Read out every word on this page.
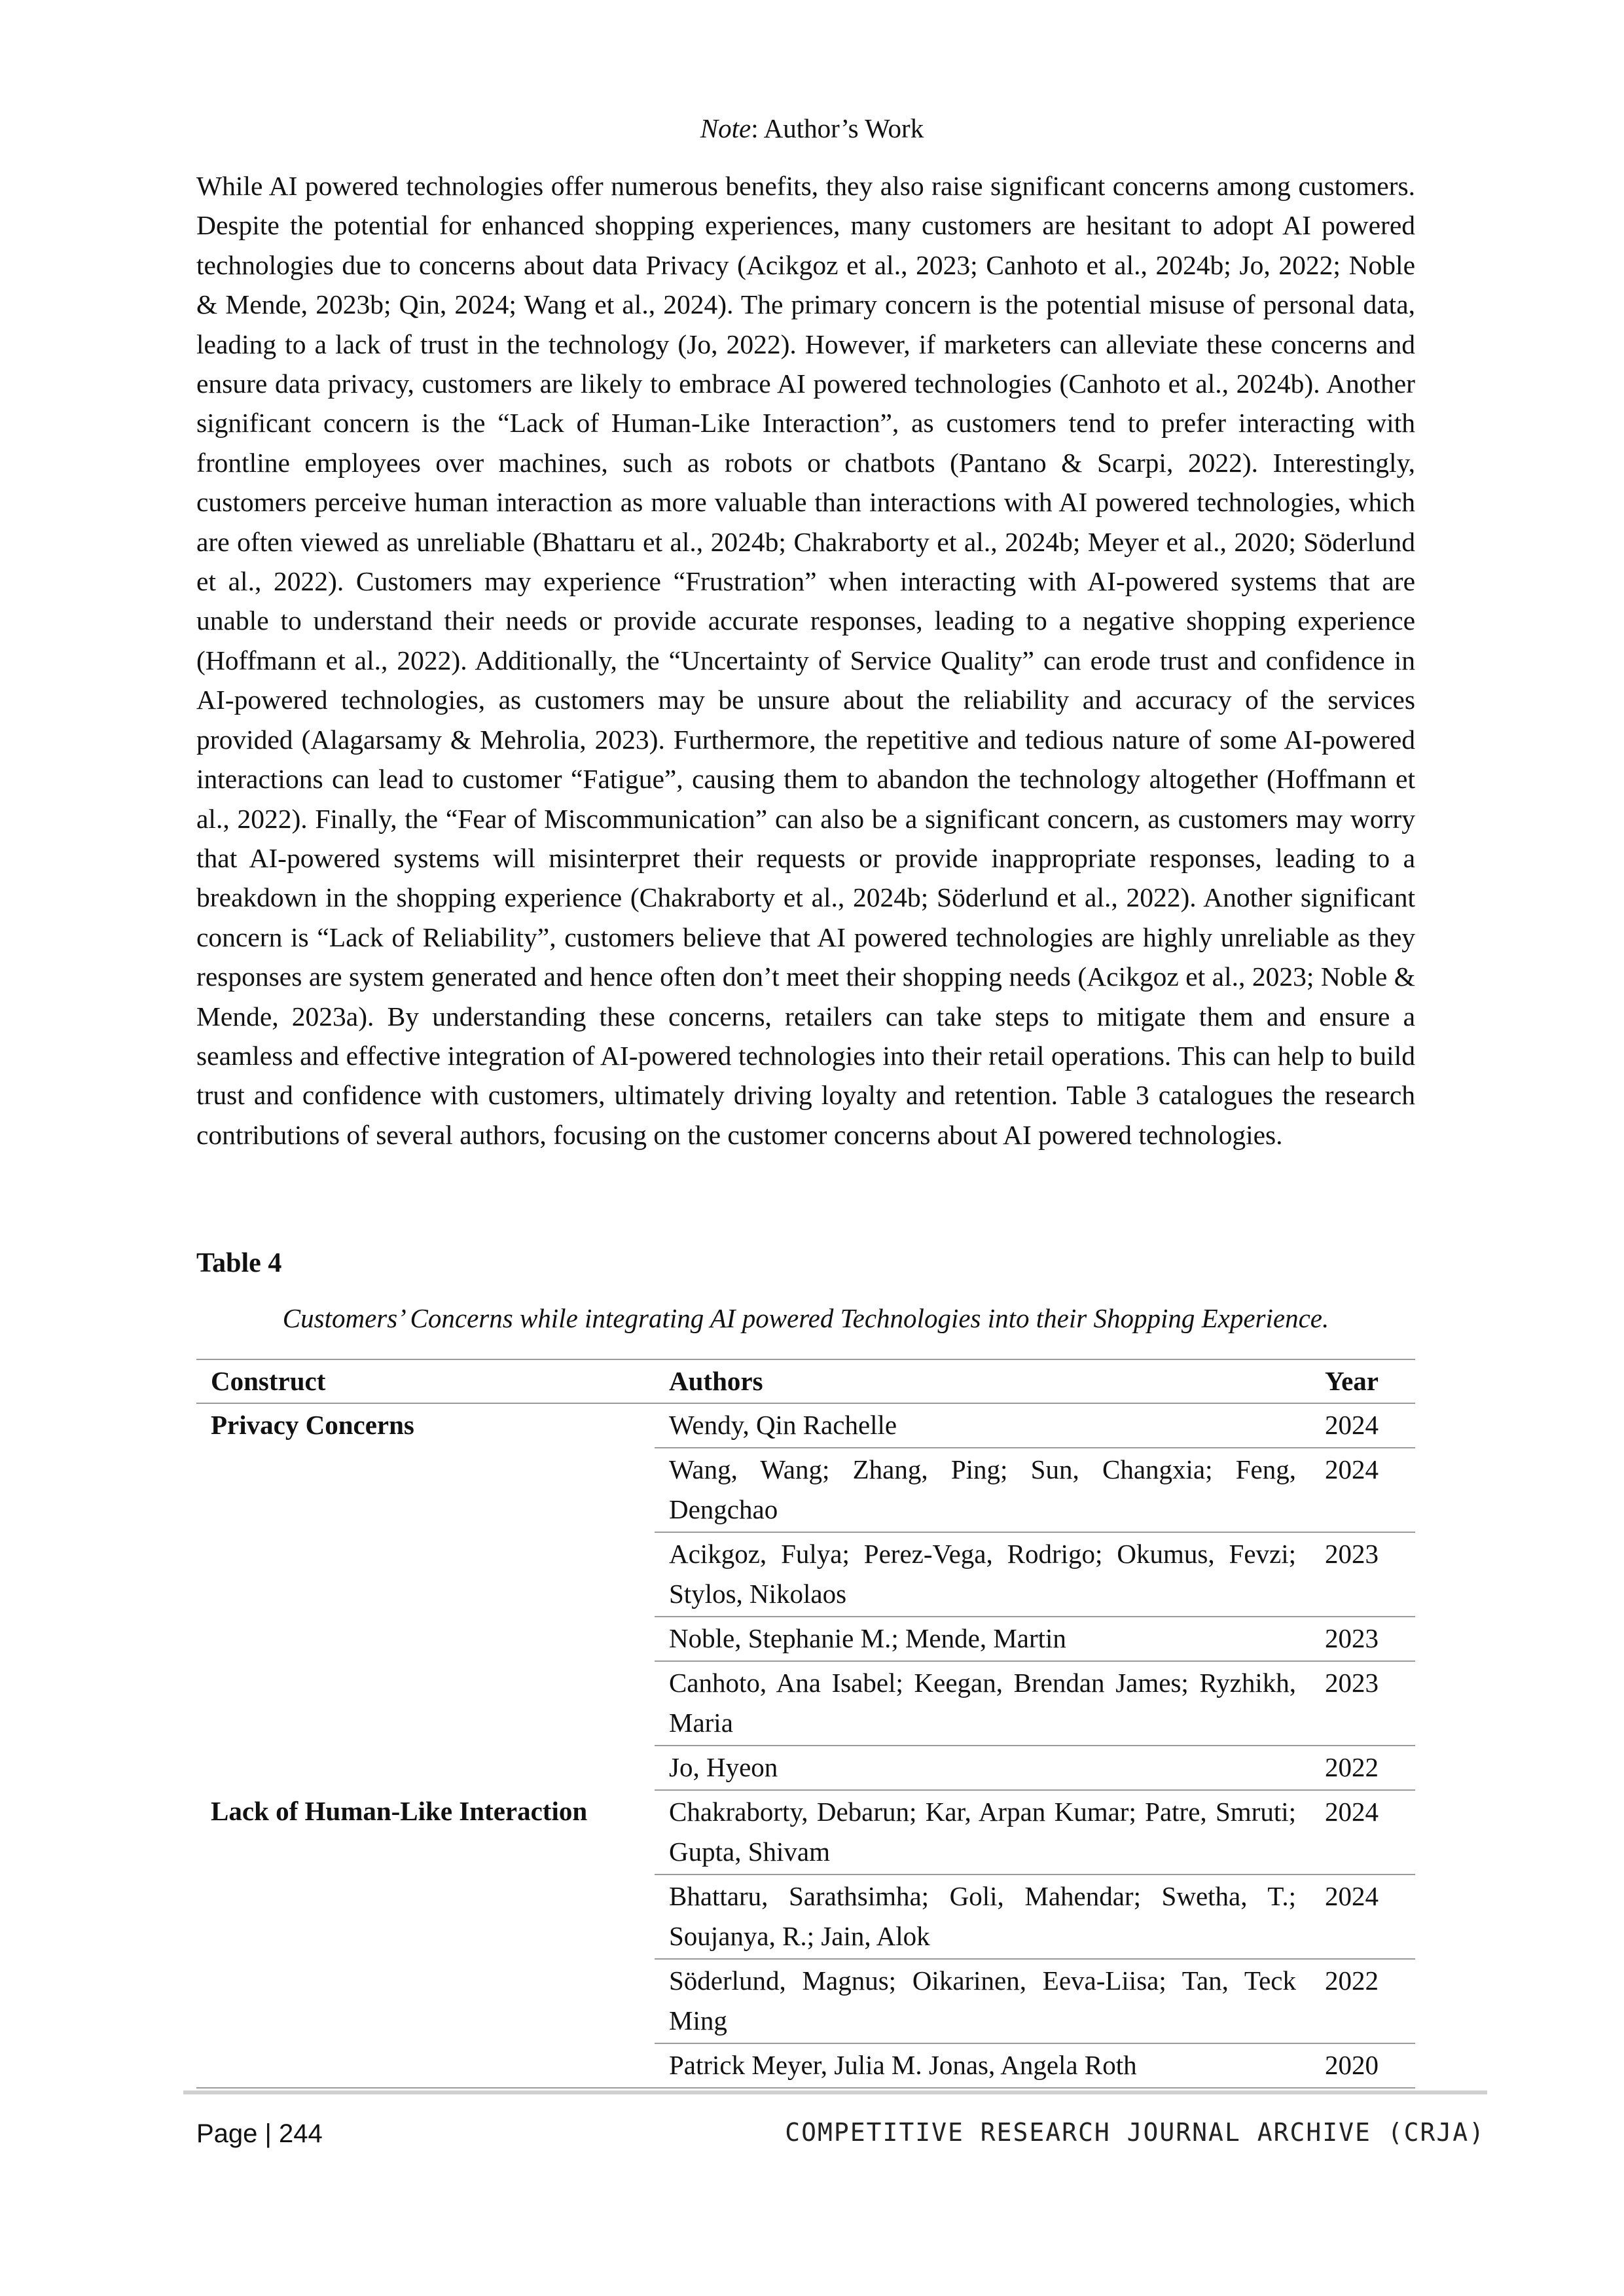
Note: Author’s Work

While AI powered technologies offer numerous benefits, they also raise significant concerns among customers. Despite the potential for enhanced shopping experiences, many customers are hesitant to adopt AI powered technologies due to concerns about data Privacy (Acikgoz et al., 2023; Canhoto et al., 2024b; Jo, 2022; Noble & Mende, 2023b; Qin, 2024; Wang et al., 2024). The primary concern is the potential misuse of personal data, leading to a lack of trust in the technology (Jo, 2022). However, if marketers can alleviate these concerns and ensure data privacy, customers are likely to embrace AI powered technologies (Canhoto et al., 2024b). Another significant concern is the “Lack of Human-Like Interaction”, as customers tend to prefer interacting with frontline employees over machines, such as robots or chatbots (Pantano & Scarpi, 2022). Interestingly, customers perceive human interaction as more valuable than interactions with AI powered technologies, which are often viewed as unreliable (Bhattaru et al., 2024b; Chakraborty et al., 2024b; Meyer et al., 2020; Söderlund et al., 2022). Customers may experience “Frustration” when interacting with AI-powered systems that are unable to understand their needs or provide accurate responses, leading to a negative shopping experience (Hoffmann et al., 2022). Additionally, the “Uncertainty of Service Quality” can erode trust and confidence in AI-powered technologies, as customers may be unsure about the reliability and accuracy of the services provided (Alagarsamy & Mehrolia, 2023). Furthermore, the repetitive and tedious nature of some AI-powered interactions can lead to customer “Fatigue”, causing them to abandon the technology altogether (Hoffmann et al., 2022). Finally, the “Fear of Miscommunication” can also be a significant concern, as customers may worry that AI-powered systems will misinterpret their requests or provide inappropriate responses, leading to a breakdown in the shopping experience (Chakraborty et al., 2024b; Söderlund et al., 2022). Another significant concern is “Lack of Reliability”, customers believe that AI powered technologies are highly unreliable as they responses are system generated and hence often don’t meet their shopping needs (Acikgoz et al., 2023; Noble & Mende, 2023a). By understanding these concerns, retailers can take steps to mitigate them and ensure a seamless and effective integration of AI-powered technologies into their retail operations. This can help to build trust and confidence with customers, ultimately driving loyalty and retention. Table 3 catalogues the research contributions of several authors, focusing on the customer concerns about AI powered technologies.

Table 4
Customers’ Concerns while integrating AI powered Technologies into their Shopping Experience.
Construct	Authors	Year
Privacy Concerns	Wendy, Qin Rachelle	2024
	Wang, Wang; Zhang, Ping; Sun, Changxia; Feng, Dengchao	2024
	Acikgoz, Fulya; Perez-Vega, Rodrigo; Okumus, Fevzi; Stylos, Nikolaos	2023
	Noble, Stephanie M.; Mende, Martin	2023
	Canhoto, Ana Isabel; Keegan, Brendan James; Ryzhikh, Maria	2023
	Jo, Hyeon	2022
Lack of Human-Like Interaction	Chakraborty, Debarun; Kar, Arpan Kumar; Patre, Smruti; Gupta, Shivam	2024
	Bhattaru, Sarathsimha; Goli, Mahendar; Swetha, T.; Soujanya, R.; Jain, Alok	2024
	Söderlund, Magnus; Oikarinen, Eeva-Liisa; Tan, Teck Ming	2022
	Patrick Meyer, Julia M. Jonas, Angela Roth	2020
Page | 244	COMPETITIVE RESEARCH JOURNAL ARCHIVE (CRJA)
